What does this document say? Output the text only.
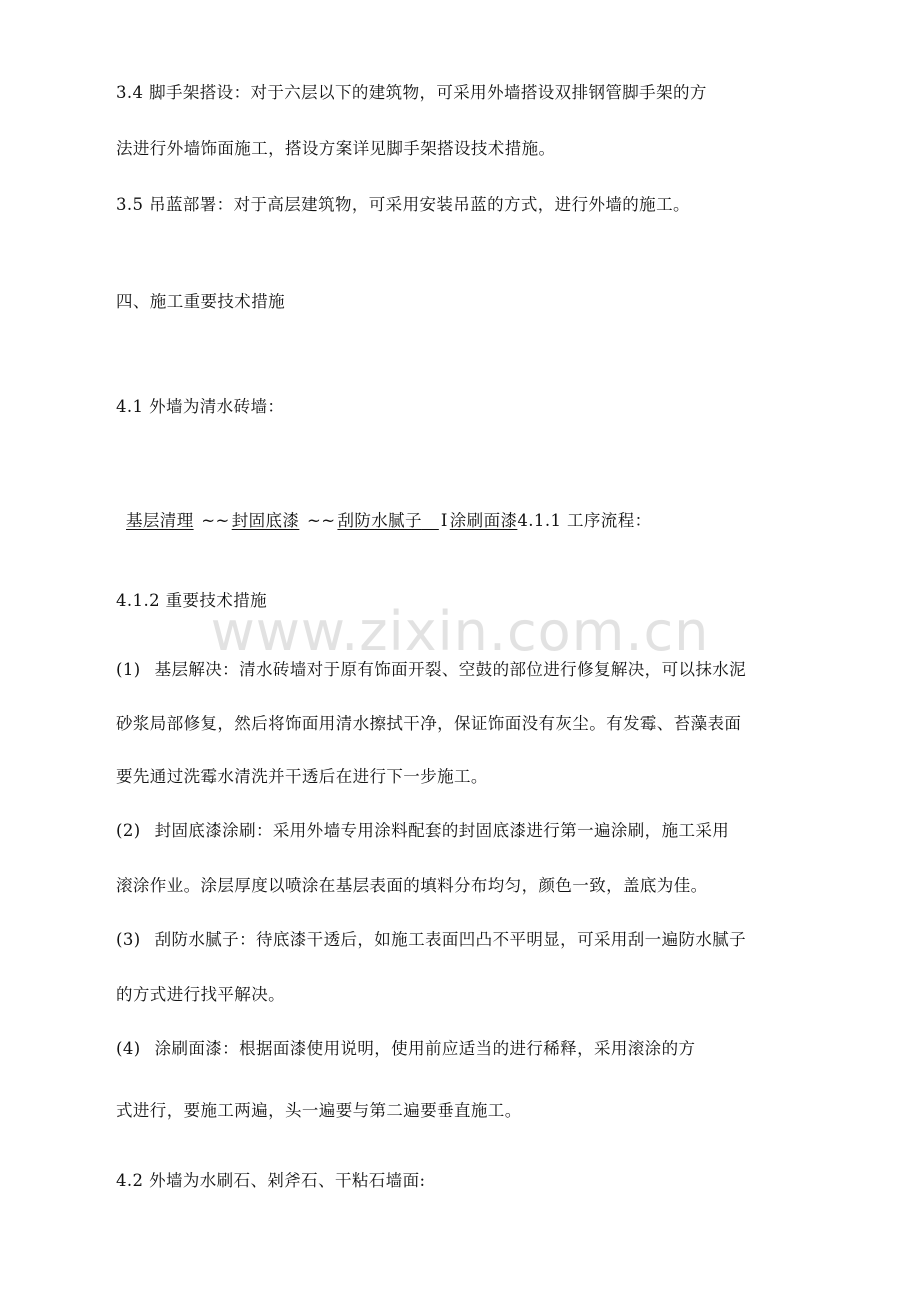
3.4 脚手架搭设：对于六层以下的建筑物，可采用外墙搭设双排钢管脚手架的方
法进行外墙饰面施工，搭设方案详见脚手架搭设技术措施。
3.5 吊蓝部署：对于高层建筑物，可采用安装吊蓝的方式，进行外墙的施工。
四、施工重要技术措施
4.1 外墙为清水砖墙：
基层清理 ~~ 封固底漆 ~~ 刮防水腻子  I 涂刷面漆4.1.1 工序流程：
4.1.2 重要技术措施
(1) 基层解决：清水砖墙对于原有饰面开裂、空鼓的部位进行修复解决，可以抹水泥
砂浆局部修复，然后将饰面用清水擦拭干净，保证饰面没有灰尘。有发霉、苔藻表面
要先通过洗霉水清洗并干透后在进行下一步施工。
(2) 封固底漆涂刷：采用外墙专用涂料配套的封固底漆进行第一遍涂刷，施工采用
滚涂作业。涂层厚度以喷涂在基层表面的填料分布均匀，颜色一致，盖底为佳。
(3) 刮防水腻子：待底漆干透后，如施工表面凹凸不平明显，可采用刮一遍防水腻子
的方式进行找平解决。
(4) 涂刷面漆：根据面漆使用说明，使用前应适当的进行稀释，采用滚涂的方
式进行，要施工两遍，头一遍要与第二遍要垂直施工。
4.2 外墙为水刷石、剁斧石、干粘石墙面:
www.zixin.com.cn
